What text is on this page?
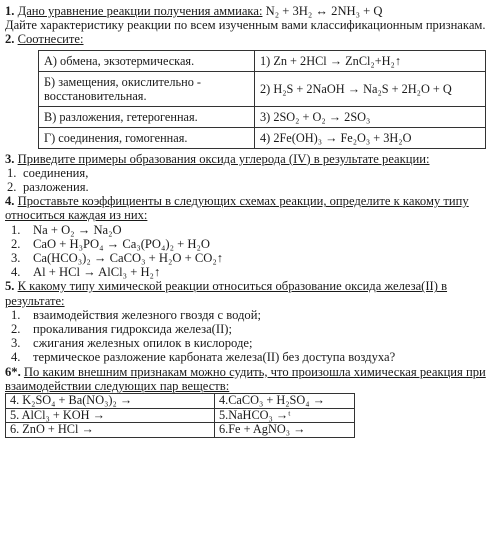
1. Дано уравнение реакции получения аммиака: N₂ + 3H₂ ↔ 2NH₃ + Q
Дайте характеристику реакции по всем изученным вами классификационным признакам.

2. Соотнесите:

А) обмена, экзотермическая.	1) Zn + 2HCl → ZnCl₂+H₂↑
Б) замещения, окислительно - восстановительная.	2) H₂S + 2NaOH → Na₂S + 2H₂O + Q
В) разложения, гетерогенная.	3) 2SO₂ + O₂ → 2SO₃
Г) соединения, гомогенная.	4) 2Fe(OH)₃ → Fe₂O₃ + 3H₂O

3. Приведите примеры образования оксида углерода (IV) в результате реакции:

1. соединения,
2. разложения.

4. Проставьте коэффициенты в следующих схемах реакции, определите к какому типу относиться каждая из них:

1. Na + O₂ → Na₂O
2. CaO + H₃PO₄ → Ca₃(PO₄)₂ + H₂O
3. Ca(HCO₃)₂ → CaCO₃ + H₂O + CO₂↑
4. Al + HCl → AlCl₃ + H₂↑

5. К какому типу химической реакции относиться образование оксида железа(II) в результате:

1. взаимодействия железного гвоздя с водой;
2. прокаливания гидроксида железа(II);
3. сжигания железных опилок в кислороде;
4. термическое разложение карбоната железа(II) без доступа воздуха?

6*. По каким внешним признакам можно судить, что произошла химическая реакция при взаимодействии следующих пар веществ:

4. K₂SO₄ + Ba(NO₃)₂ →	4.CaCO₃ + H₂SO₄ →
5. AlCl₃ + KOH →	5.NaHCO₃ →ᵗ
6. ZnO + HCl →	6.Fe + AgNO₃ →
